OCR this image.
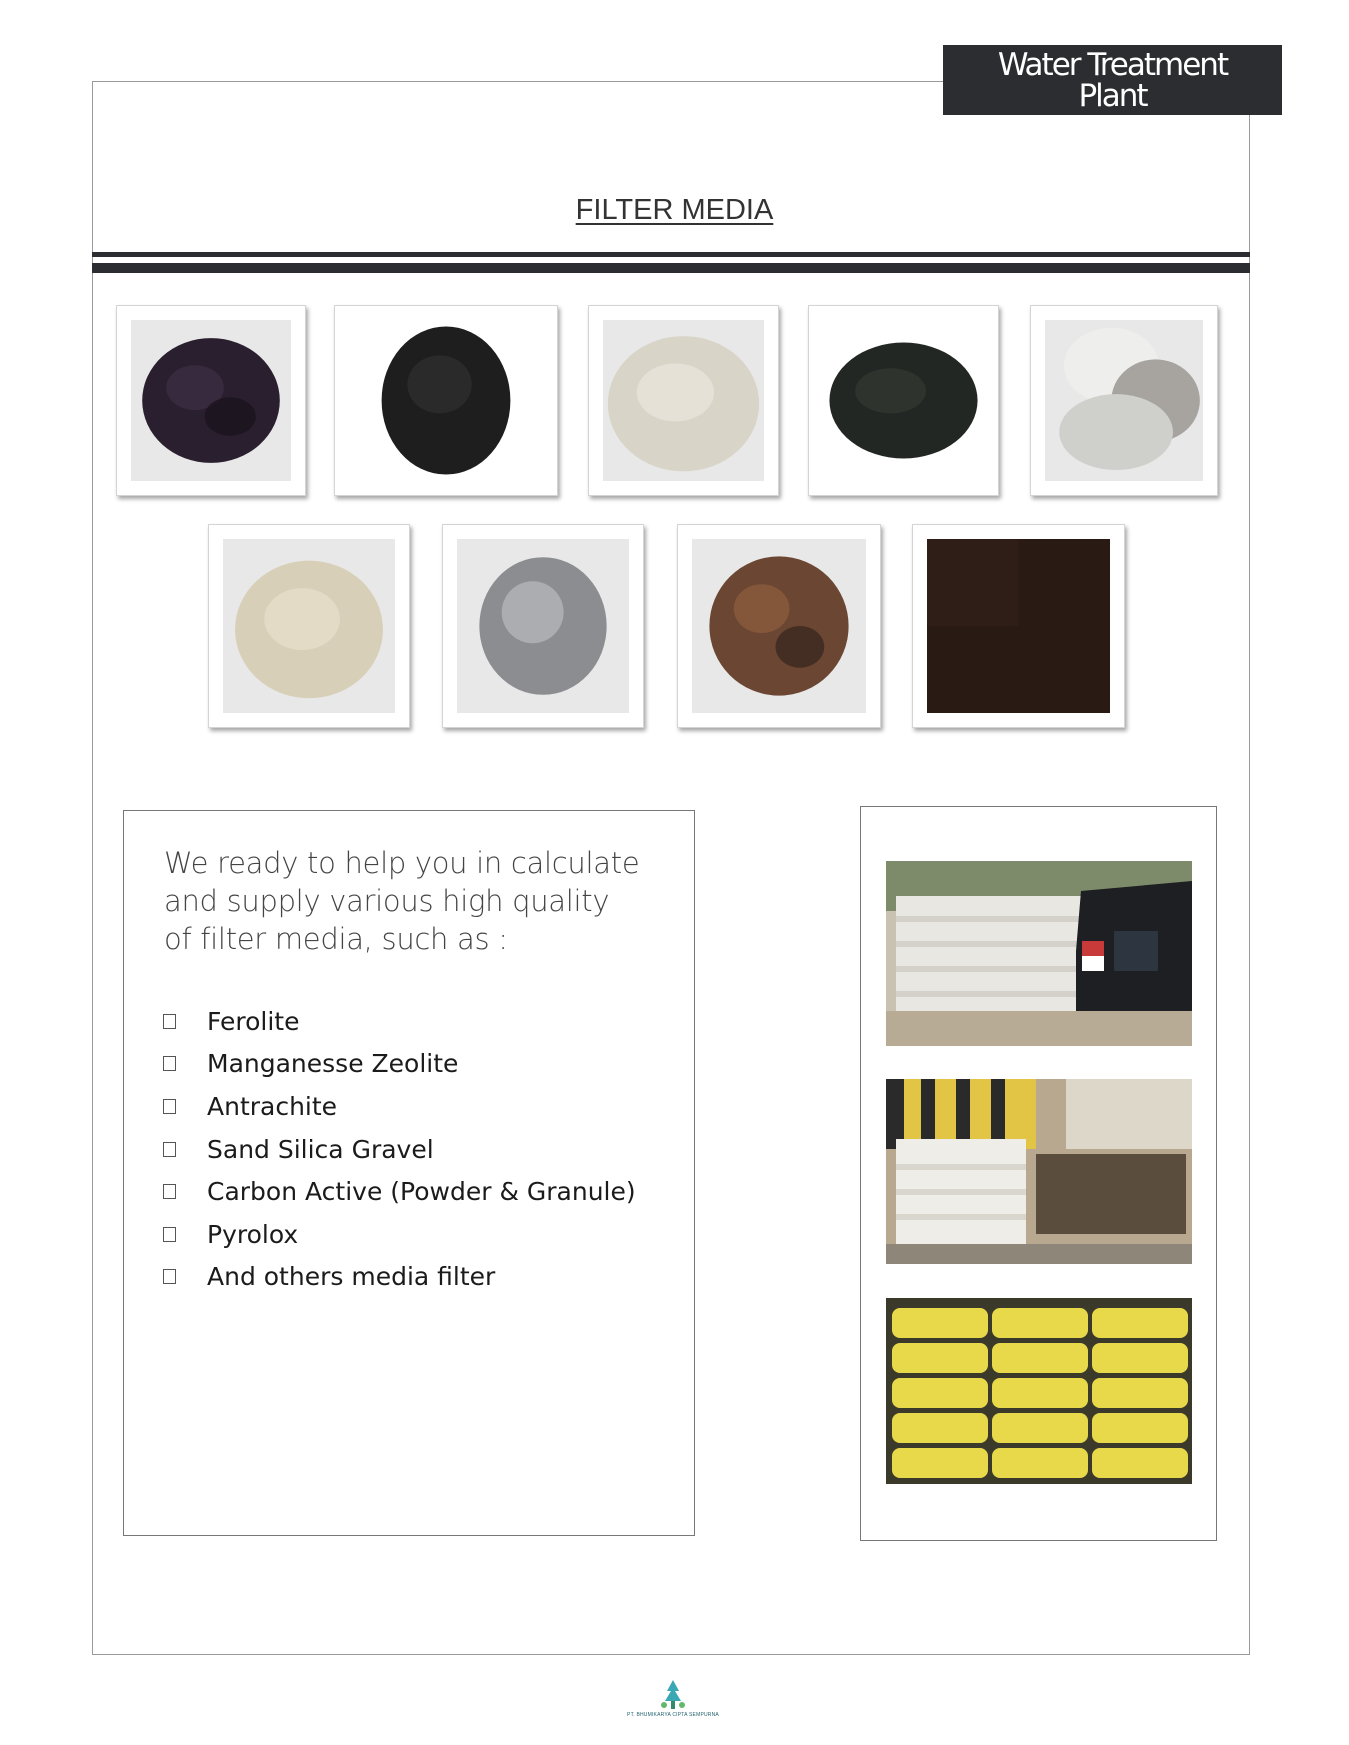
Water Treatment
Plant
FILTER MEDIA

We ready to help you in calculate
and supply various high quality
of filter media, such as :

Ferolite
Manganesse Zeolite
Antrachite
Sand Silica Gravel
Carbon Active (Powder & Granule)
Pyrolox
And others media filter
PT. BHUMIKARYA CIPTA SEMPURNA
